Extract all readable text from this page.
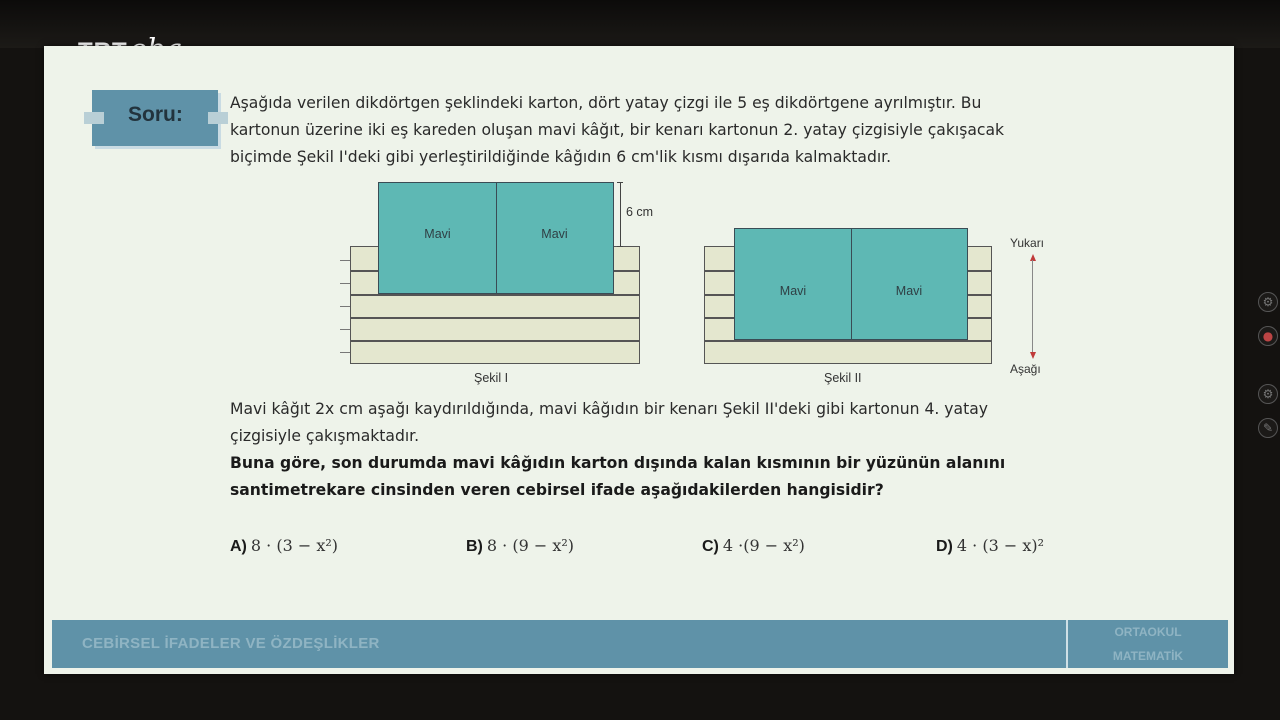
Soru:	Aşağıda verilen dikdörtgen şeklindeki karton, dört yatay çizgi ile 5 eş dikdörtgene ayrılmıştır. Bu
kartonun üzerine iki eş kareden oluşan mavi kâğıt, bir kenarı kartonun 2. yatay çizgisiyle çakışacak
biçimde Şekil I'deki gibi yerleştirildiğinde kâğıdın 6 cm'lik kısmı dışarıda kalmaktadır.

Mavi	Mavi
6 cm
Şekil I
Mavi	Mavi
Şekil II
Yukarı
Aşağı

Mavi kâğıt 2x cm aşağı kaydırıldığında, mavi kâğıdın bir kenarı Şekil II'deki gibi kartonun 4. yatay
çizgisiyle çakışmaktadır.
Buna göre, son durumda mavi kâğıdın karton dışında kalan kısmının bir yüzünün alanını
santimetrekare cinsinden veren cebirsel ifade aşağıdakilerden hangisidir?

A) 8 · (3 − x²)	B) 8 · (9 − x²)	C) 4 ·(9 − x²)	D) 4 · (3 − x)²
CEBİRSEL İFADELER VE ÖZDEŞLİKLER
ORTAOKUL
MATEMATİK
⚙
●
⚙
✎
